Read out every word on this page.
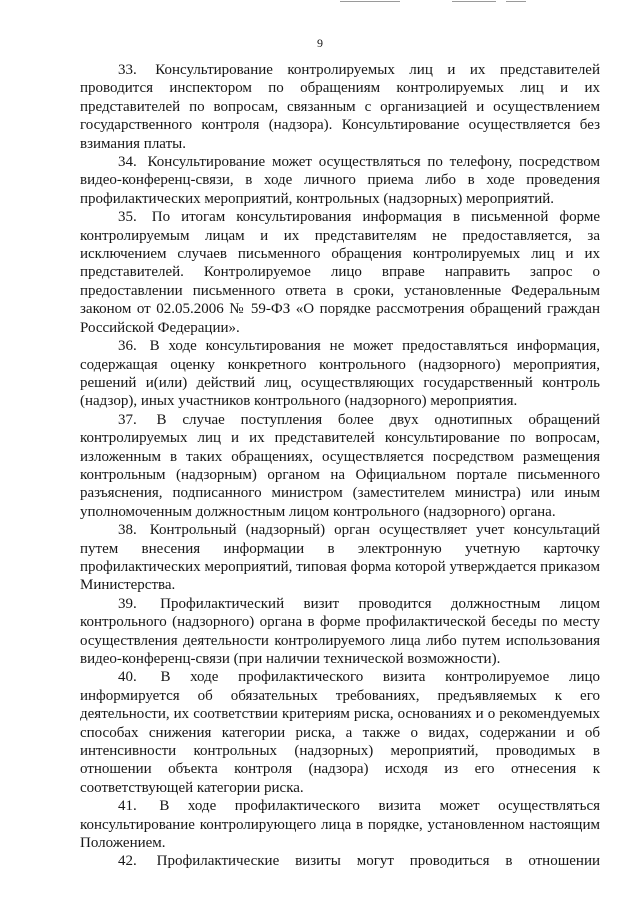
9

33. Консультирование контролируемых лиц и их представителей проводится инспектором по обращениям контролируемых лиц и их представителей по вопросам, связанным с организацией и осуществлением государственного контроля (надзора). Консультирование осуществляется без взимания платы.

34. Консультирование может осуществляться по телефону, посредством видео-конференц-связи, в ходе личного приема либо в ходе проведения профилактических мероприятий, контрольных (надзорных) мероприятий.

35. По итогам консультирования информация в письменной форме контролируемым лицам и их представителям не предоставляется, за исключением случаев письменного обращения контролируемых лиц и их представителей. Контролируемое лицо вправе направить запрос о предоставлении письменного ответа в сроки, установленные Федеральным законом от 02.05.2006 № 59-ФЗ «О порядке рассмотрения обращений граждан Российской Федерации».

36. В ходе консультирования не может предоставляться информация, содержащая оценку конкретного контрольного (надзорного) мероприятия, решений и(или) действий лиц, осуществляющих государственный контроль (надзор), иных участников контрольного (надзорного) мероприятия.

37. В случае поступления более двух однотипных обращений контролируемых лиц и их представителей консультирование по вопросам, изложенным в таких обращениях, осуществляется посредством размещения контрольным (надзорным) органом на Официальном портале письменного разъяснения, подписанного министром (заместителем министра) или иным уполномоченным должностным лицом контрольного (надзорного) органа.

38. Контрольный (надзорный) орган осуществляет учет консультаций путем внесения информации в электронную учетную карточку профилактических мероприятий, типовая форма которой утверждается приказом Министерства.

39. Профилактический визит проводится должностным лицом контрольного (надзорного) органа в форме профилактической беседы по месту осуществления деятельности контролируемого лица либо путем использования видео-конференц-связи (при наличии технической возможности).

40. В ходе профилактического визита контролируемое лицо информируется об обязательных требованиях, предъявляемых к его деятельности, их соответствии критериям риска, основаниях и о рекомендуемых способах снижения категории риска, а также о видах, содержании и об интенсивности контрольных (надзорных) мероприятий, проводимых в отношении объекта контроля (надзора) исходя из его отнесения к соответствующей категории риска.

41. В ходе профилактического визита может осуществляться консультирование контролирующего лица в порядке, установленном настоящим Положением.

42. Профилактические визиты могут проводиться в отношении
